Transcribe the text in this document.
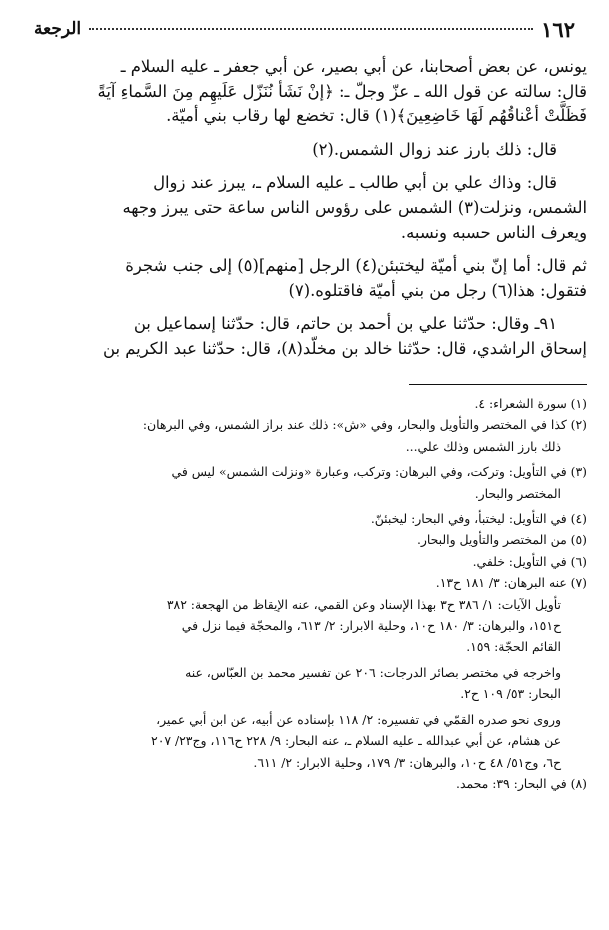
١٦٢
الرجعة

يونس، عن بعض أصحابنا، عن أبي بصير، عن أبي جعفر ـ عليه السلام ـ

قال: سالته عن قول الله ـ عزّ وجلّ ـ: ﴿إنْ نَشَأ نُنَزّل عَلَيهِم مِنَ السَّماءِ آيَةً

فَظَلَّتْ أعْناقُهُم لَهَا خَاضِعِينَ﴾(١) قال: تخضع لها رقاب بني أميّة.

قال: ذلك بارز عند زوال الشمس.(٢)

قال: وذاك علي بن أبي طالب ـ عليه السلام ـ، يبرز عند زوال

الشمس، ونزلت(٣) الشمس على رؤوس الناس ساعة حتى يبرز وجهه

ويعرف الناس حسبه ونسبه.

ثم قال: أما إنّ بني أميّة ليختبئن(٤) الرجل [منهم](٥) إلى جنب شجرة

فتقول: هذا(٦) رجل من بني أميّة فاقتلوه.(٧)

٩١ـ وقال: حدّثنا علي بن أحمد بن حاتم، قال: حدّثنا إسماعيل بن

إسحاق الراشدي، قال: حدّثنا خالد بن مخلّد(٨)، قال: حدّثنا عبد الكريم بن

(١) سورة الشعراء: ٤.

(٢) كذا في المختصر والتأويل والبحار، وفي «ش»: ذلك عند براز الشمس، وفي البرهان:

ذلك بارز الشمس وذلك علي...

(٣) في التأويل: وتركت، وفي البرهان: وتركب، وعبارة «ونزلت الشمس» ليس في

المختصر والبحار.

(٤) في التأويل: ليختبأ، وفي البحار: ليخبئنّ.

(٥) من المختصر والتأويل والبحار.

(٦) في التأويل: خلفي.

(٧) عنه البرهان: ٣/ ١٨١ ح١٣.

تأويل الآيات: ١/ ٣٨٦ ح٣ بهذا الإسناد وعن القمي، عنه الإيقاظ من الهجعة: ٣٨٢

ح١٥١، والبرهان: ٣/ ١٨٠ ح١٠، وحلية الابرار: ٢/ ٦١٣، والمحجّة فيما نزل في

القائم الحجّة: ١٥٩.

واخرجه في مختصر بصائر الدرجات: ٢٠٦ عن تفسير محمد بن العبّاس، عنه

البحار: ٥٣/ ١٠٩ ح٢.

وروى نحو صدره القمّي في تفسيره: ٢/ ١١٨ بإسناده عن أبيه، عن ابن أبي عمير،

عن هشام، عن أبي عبدالله ـ عليه السلام ـ، عنه البحار: ٩/ ٢٢٨ ح١١٦، وج٢٣/ ٢٠٧

ح٦، وج٥١/ ٤٨ ح١٠، والبرهان: ٣/ ١٧٩، وحلية الابرار: ٢/ ٦١١.

(٨) في البحار: ٣٩: محمد.
